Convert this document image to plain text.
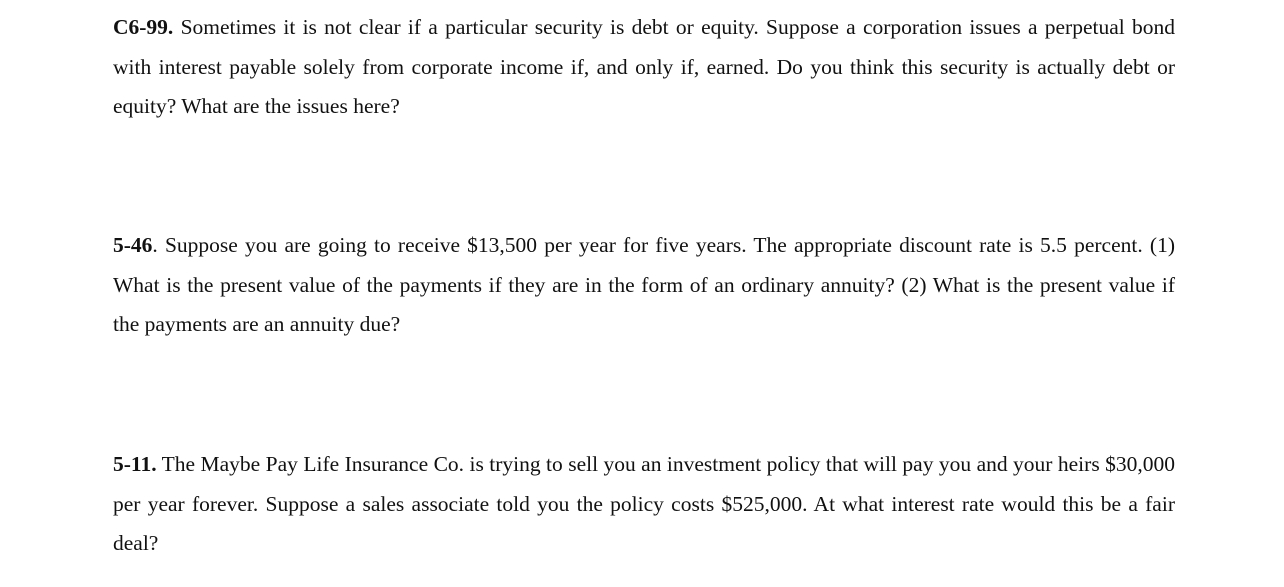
C6-99. Sometimes it is not clear if a particular security is debt or equity. Suppose a corporation issues a perpetual bond with interest payable solely from corporate income if, and only if, earned. Do you think this security is actually debt or equity? What are the issues here?

5-46. Suppose you are going to receive $13,500 per year for five years. The appropriate discount rate is 5.5 percent. (1) What is the present value of the payments if they are in the form of an ordinary annuity? (2) What is the present value if the payments are an annuity due?

5-11. The Maybe Pay Life Insurance Co. is trying to sell you an investment policy that will pay you and your heirs $30,000 per year forever. Suppose a sales associate told you the policy costs $525,000. At what interest rate would this be a fair deal?
